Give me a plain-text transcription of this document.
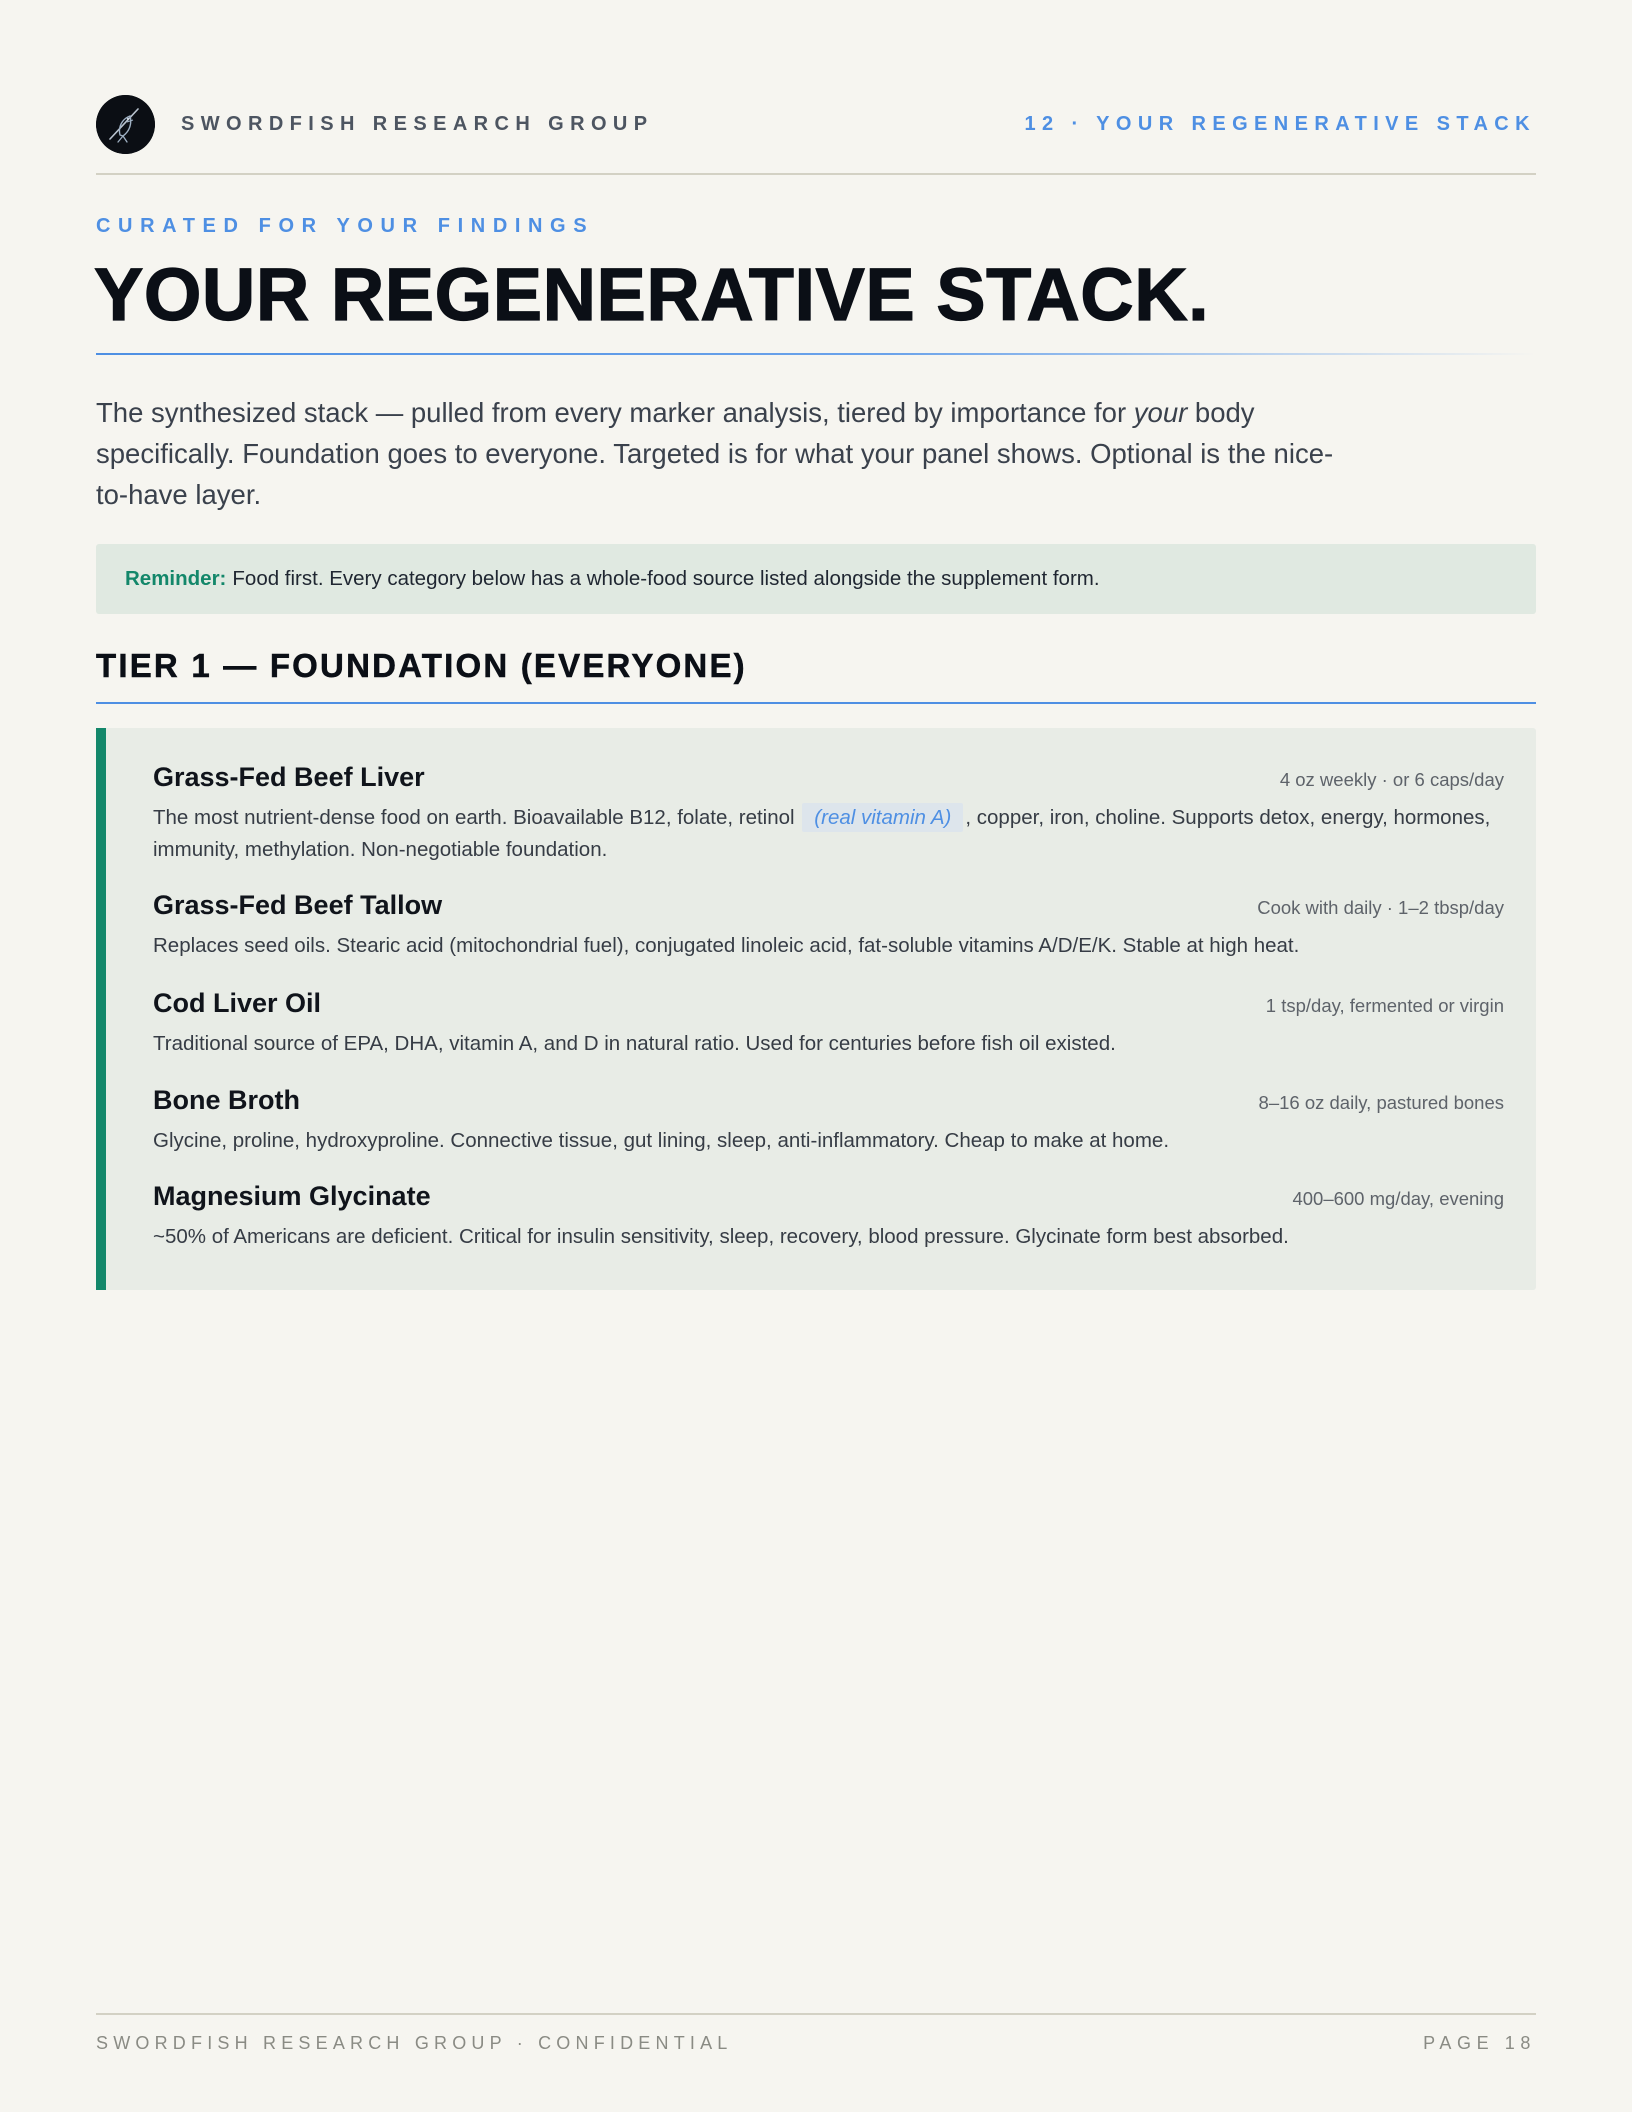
SWORDFISH RESEARCH GROUP	12 · YOUR REGENERATIVE STACK
CURATED FOR YOUR FINDINGS
YOUR REGENERATIVE STACK.

The synthesized stack — pulled from every marker analysis, tiered by importance for your body specifically. Foundation goes to everyone. Targeted is for what your panel shows. Optional is the nice-to-have layer.

Reminder: Food first. Every category below has a whole-food source listed alongside the supplement form.
TIER 1 — FOUNDATION (EVERYONE)
Grass-Fed Beef Liver	4 oz weekly · or 6 caps/day
The most nutrient-dense food on earth. Bioavailable B12, folate, retinol (real vitamin A) , copper, iron, choline. Supports detox, energy, hormones, immunity, methylation. Non-negotiable foundation.
Grass-Fed Beef Tallow	Cook with daily · 1–2 tbsp/day
Replaces seed oils. Stearic acid (mitochondrial fuel), conjugated linoleic acid, fat-soluble vitamins A/D/E/K. Stable at high heat.
Cod Liver Oil	1 tsp/day, fermented or virgin
Traditional source of EPA, DHA, vitamin A, and D in natural ratio. Used for centuries before fish oil existed.
Bone Broth	8–16 oz daily, pastured bones
Glycine, proline, hydroxyproline. Connective tissue, gut lining, sleep, anti-inflammatory. Cheap to make at home.
Magnesium Glycinate	400–600 mg/day, evening
~50% of Americans are deficient. Critical for insulin sensitivity, sleep, recovery, blood pressure. Glycinate form best absorbed.
SWORDFISH RESEARCH GROUP · CONFIDENTIAL	PAGE 18
